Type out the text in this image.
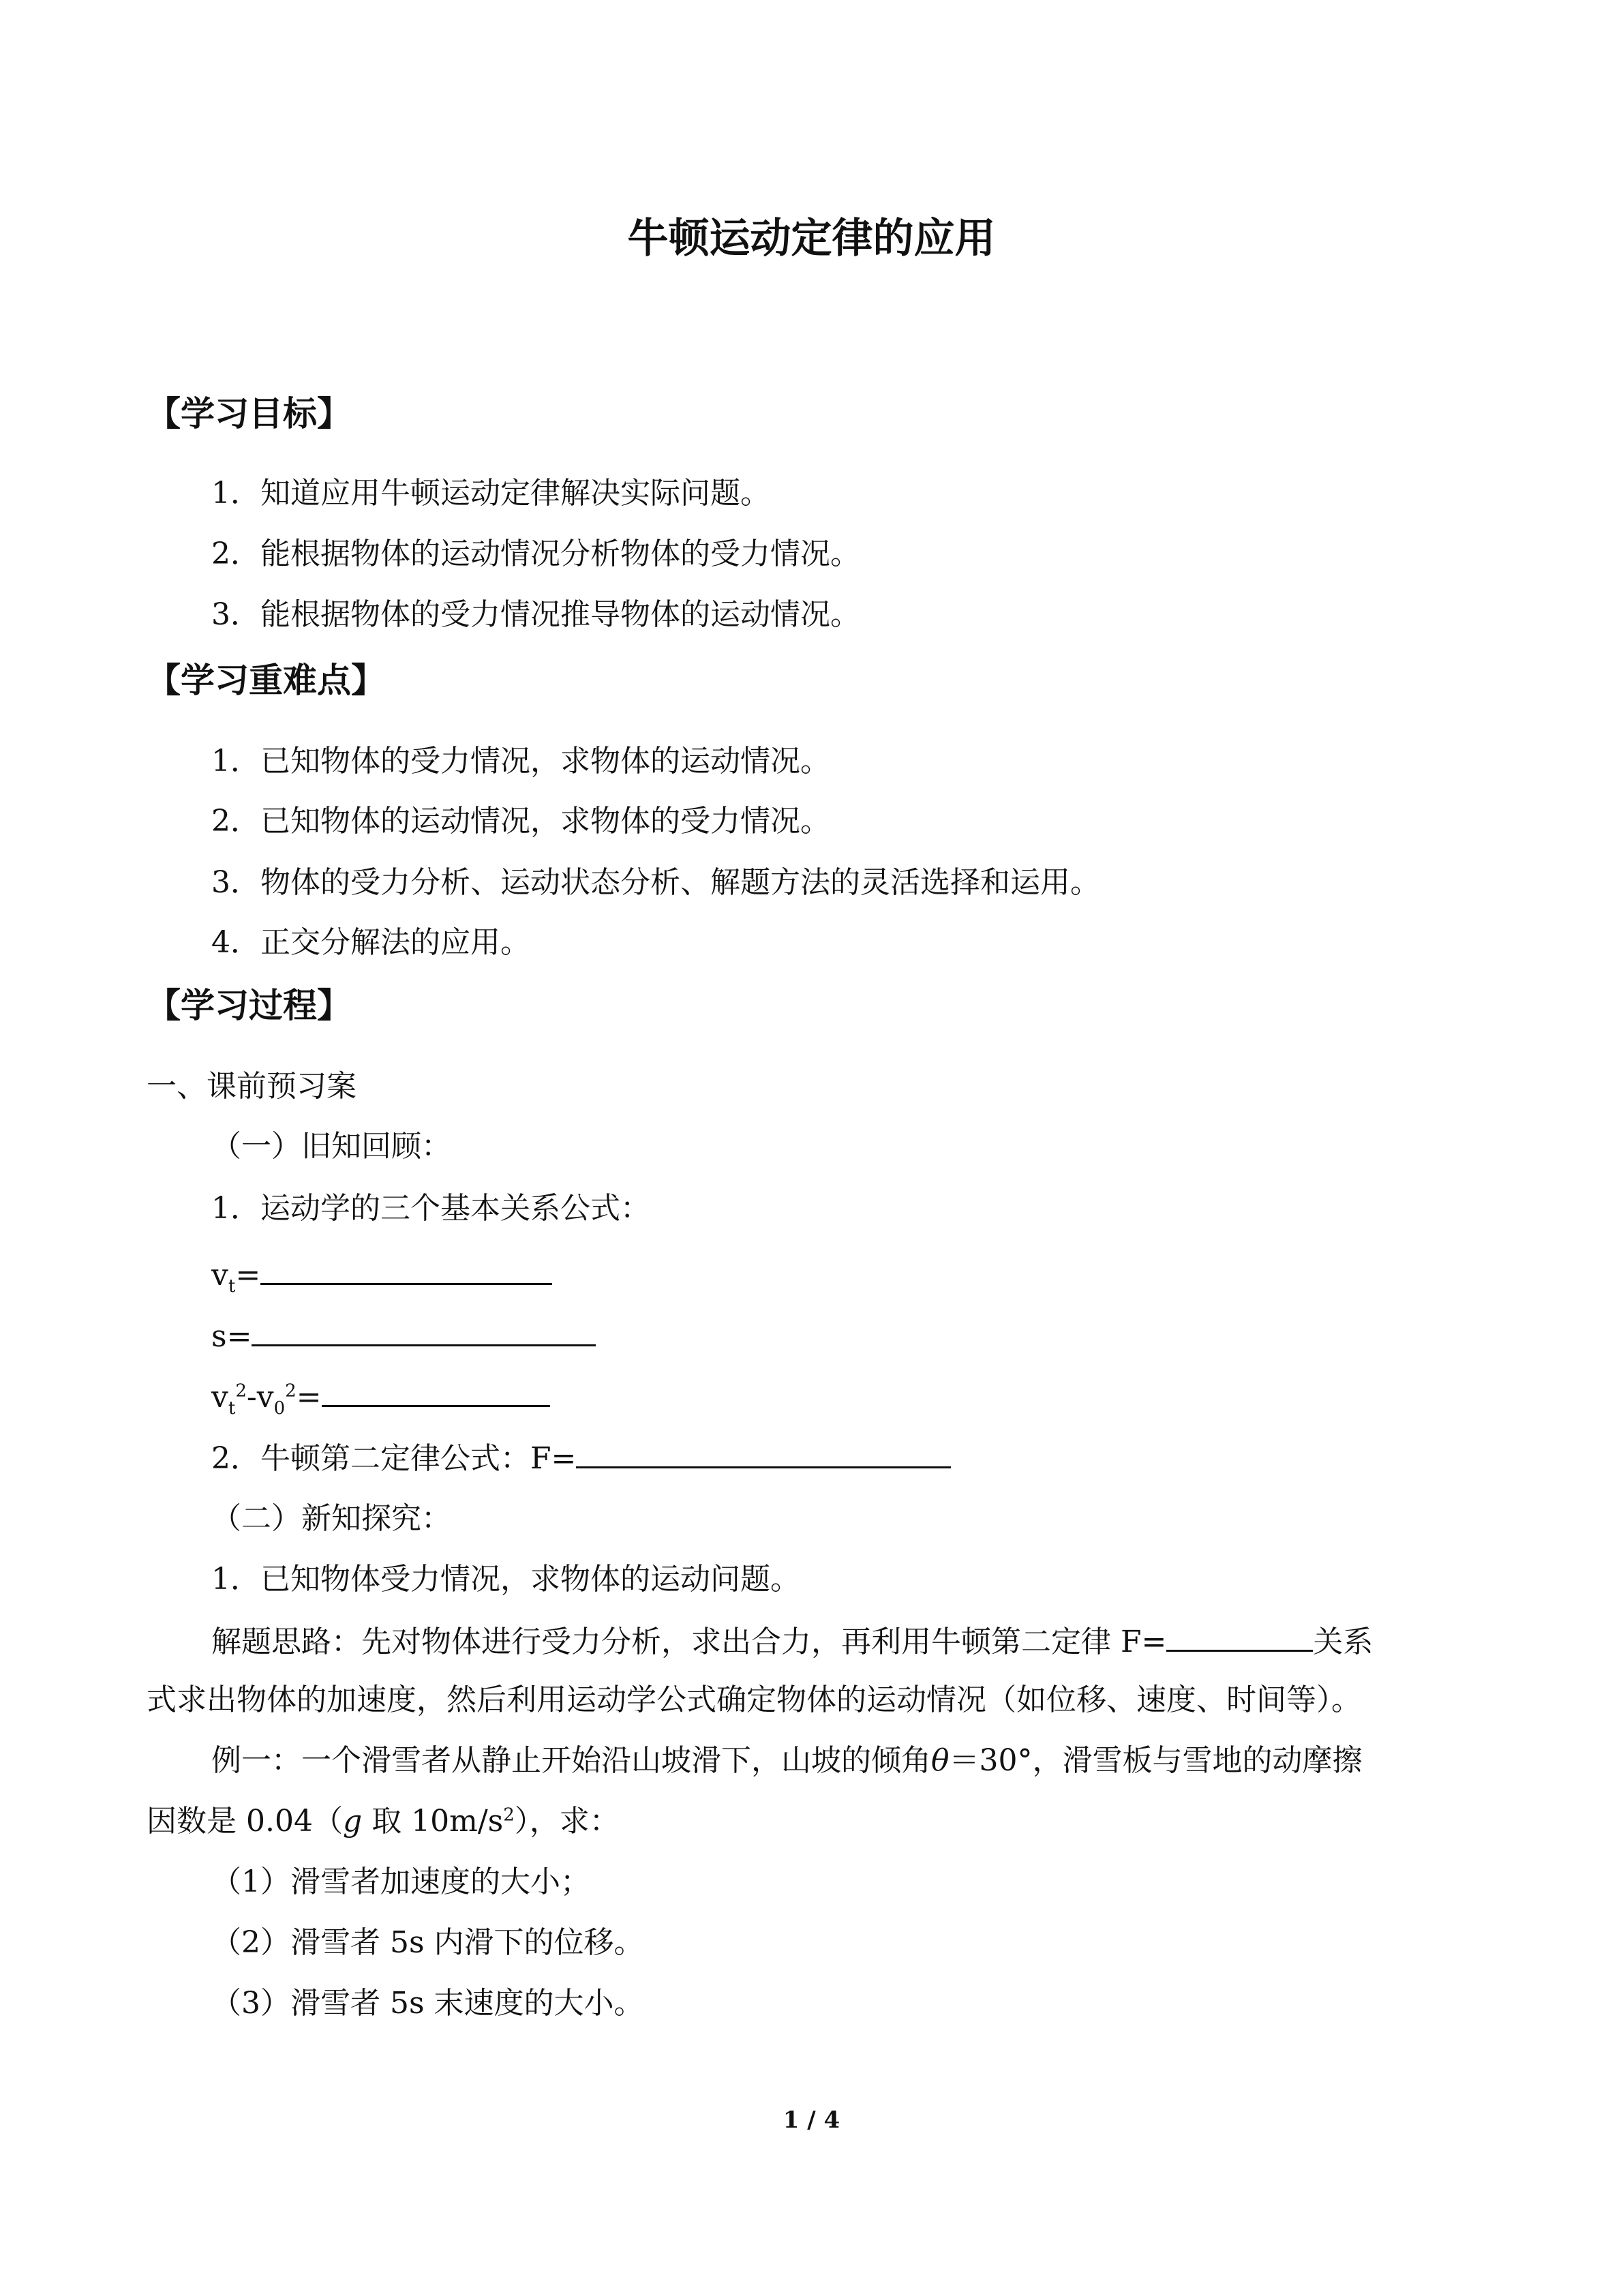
牛顿运动定律的应用
【学习目标】
1．知道应用牛顿运动定律解决实际问题。
2．能根据物体的运动情况分析物体的受力情况。
3．能根据物体的受力情况推导物体的运动情况。
【学习重难点】
1．已知物体的受力情况，求物体的运动情况。
2．已知物体的运动情况，求物体的受力情况。
3．物体的受力分析、运动状态分析、解题方法的灵活选择和运用。
4．正交分解法的应用。
【学习过程】
一、课前预习案
（一）旧知回顾：
1．运动学的三个基本关系公式：
$v_t=$
s=
$v_t^2-v_0^2=$
2．牛顿第二定律公式：F=
（二）新知探究：
1．已知物体受力情况，求物体的运动问题。
解题思路：先对物体进行受力分析，求出合力，再利用牛顿第二定律 F=	关系
式求出物体的加速度，然后利用运动学公式确定物体的运动情况（如位移、速度、时间等）。
例一：一个滑雪者从静止开始沿山坡滑下，山坡的倾角θ＝30°，滑雪板与雪地的动摩擦
因数是 0.04（g 取 $10m/s^2$），求：
（1）滑雪者加速度的大小；
（2）滑雪者 5s 内滑下的位移。
（3）滑雪者 5s 末速度的大小。
1 / 4
